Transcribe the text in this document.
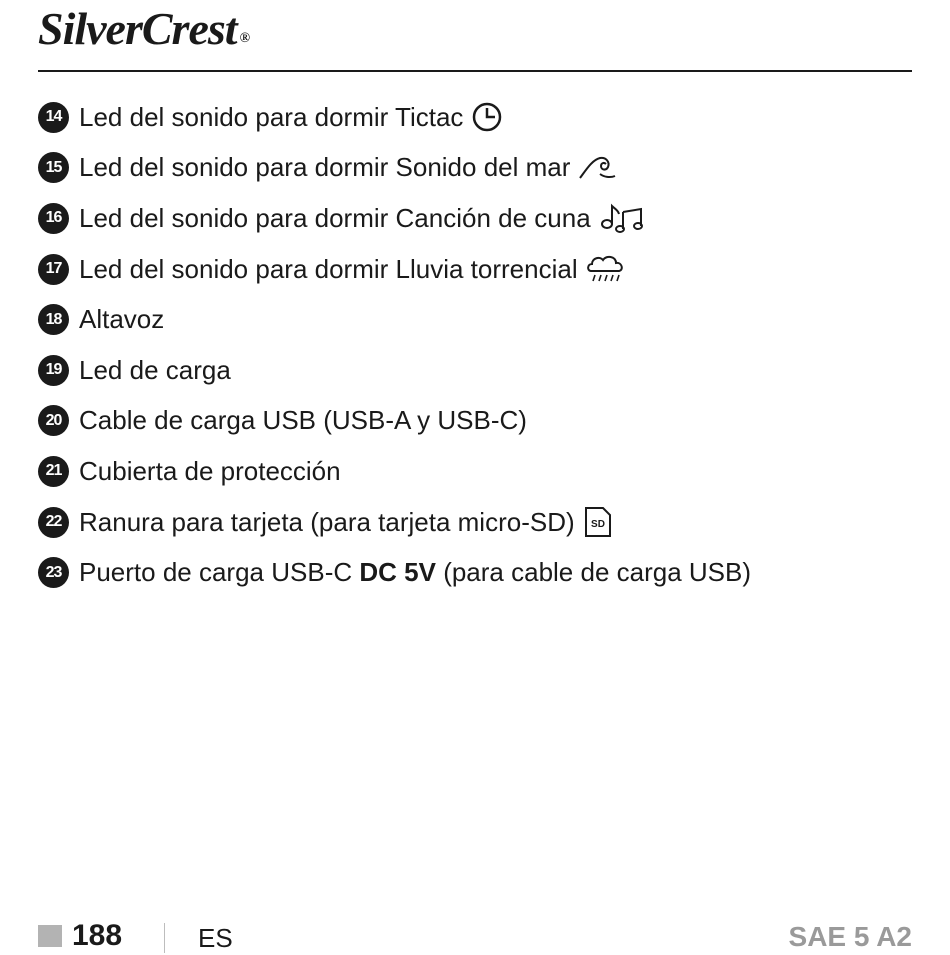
SilverCrest ®
14 Led del sonido para dormir Tictac
15 Led del sonido para dormir Sonido del mar
16 Led del sonido para dormir Canción de cuna
17 Led del sonido para dormir Lluvia torrencial
18 Altavoz
19 Led de carga
20 Cable de carga USB (USB-A y USB-C)
21 Cubierta de protección
22 Ranura para tarjeta (para tarjeta micro-SD) SD
23 Puerto de carga USB-C DC 5V (para cable de carga USB)
188	ES	SAE 5 A2
